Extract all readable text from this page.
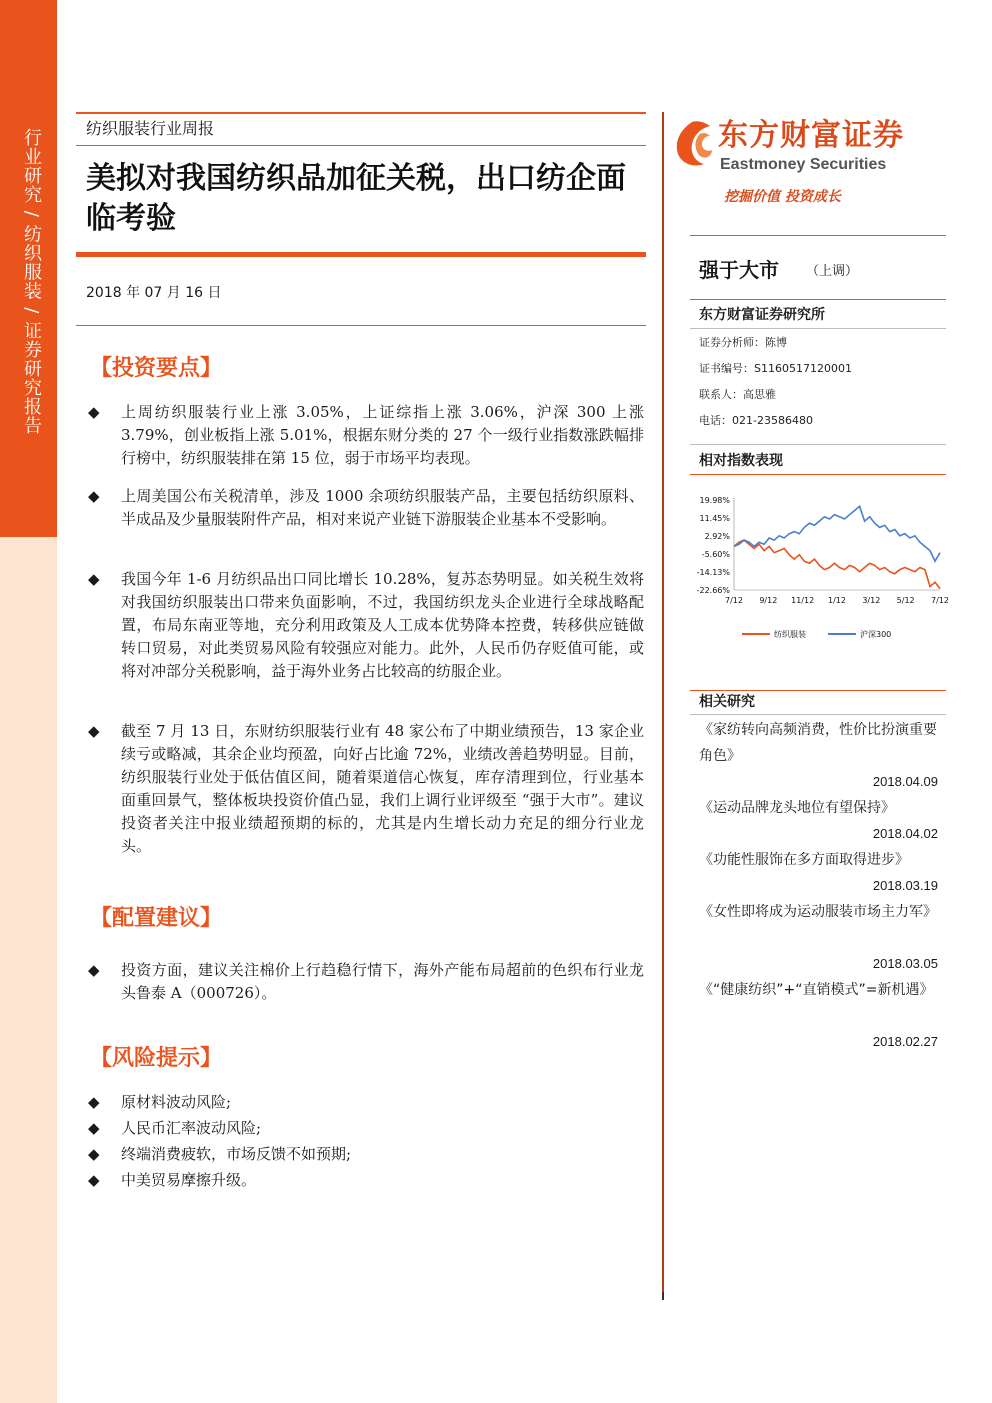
行业研究 / 纺织服装 / 证券研究报告	纺织服装行业周报
美拟对我国纺织品加征关税，出口纺企面临考验
2018 年 07 月 16 日
【投资要点】
◆ 上周纺织服装行业上涨 3.05%，上证综指上涨 3.06%，沪深 300 上涨 3.79%，创业板指上涨 5.01%，根据东财分类的 27 个一级行业指数涨跌幅排行榜中，纺织服装排在第 15 位，弱于市场平均表现。
◆ 上周美国公布关税清单，涉及 1000 余项纺织服装产品，主要包括纺织原料、半成品及少量服装附件产品，相对来说产业链下游服装企业基本不受影响。
◆ 我国今年 1-6 月纺织品出口同比增长 10.28%，复苏态势明显。如关税生效将对我国纺织服装出口带来负面影响，不过，我国纺织龙头企业进行全球战略配置，布局东南亚等地，充分利用政策及人工成本优势降本控费，转移供应链做转口贸易，对此类贸易风险有较强应对能力。此外，人民币仍存贬值可能，或将对冲部分关税影响，益于海外业务占比较高的纺服企业。
◆ 截至 7 月 13 日，东财纺织服装行业有 48 家公布了中期业绩预告，13 家企业续亏或略减，其余企业均预盈，向好占比逾 72%，业绩改善趋势明显。目前，纺织服装行业处于低估值区间，随着渠道信心恢复，库存清理到位，行业基本面重回景气，整体板块投资价值凸显，我们上调行业评级至 “强于大市”。建议投资者关注中报业绩超预期的标的，尤其是内生增长动力充足的细分行业龙头。
【配置建议】
◆ 投资方面，建议关注棉价上行趋稳行情下，海外产能布局超前的色织布行业龙头鲁泰 A（000726）。
【风险提示】
◆ 原材料波动风险;
◆ 人民币汇率波动风险;
◆ 终端消费疲软，市场反馈不如预期;
◆ 中美贸易摩擦升级。
东方财富证券
Eastmoney Securities
挖掘价值 投资成长
强于大市 （上调）
东方财富证券研究所
证券分析师：陈博
证书编号：S1160517120001
联系人：高思雅
电话：021-23586480
相对指数表现
19.98%
11.45%
2.92%
-5.60%
-14.13%
-22.66%
7/12 9/12 11/12 1/12 3/12 5/12 7/12
纺织服装	沪深300
相关研究
《家纺转向高频消费，性价比扮演重要角色》
2018.04.09
《运动品牌龙头地位有望保持》
2018.04.02
《功能性服饰在多方面取得进步》
2018.03.19
《女性即将成为运动服装市场主力军》
2018.03.05
《“健康纺织”+“直销模式”=新机遇》
2018.02.27
